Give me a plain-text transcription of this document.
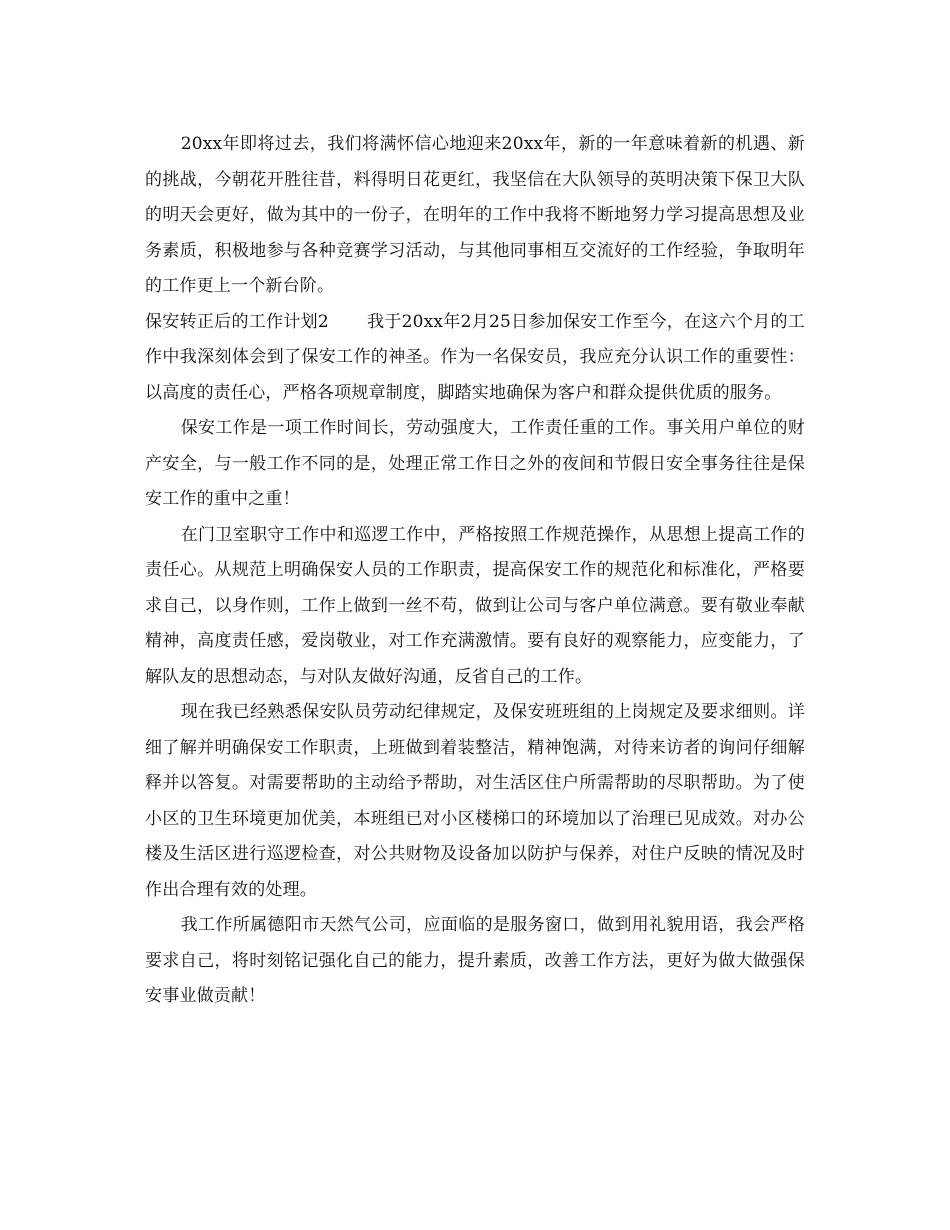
20xx年即将过去，我们将满怀信心地迎来20xx年，新的一年意味着新的机遇、新的挑战，今朝花开胜往昔，料得明日花更红，我坚信在大队领导的英明决策下保卫大队的明天会更好，做为其中的一份子，在明年的工作中我将不断地努力学习提高思想及业务素质，积极地参与各种竞赛学习活动，与其他同事相互交流好的工作经验，争取明年的工作更上一个新台阶。

保安转正后的工作计划2 我于20xx年2月25日参加保安工作至今，在这六个月的工作中我深刻体会到了保安工作的神圣。作为一名保安员，我应充分认识工作的重要性：以高度的责任心，严格各项规章制度，脚踏实地确保为客户和群众提供优质的服务。

保安工作是一项工作时间长，劳动强度大，工作责任重的工作。事关用户单位的财产安全，与一般工作不同的是，处理正常工作日之外的夜间和节假日安全事务往往是保安工作的重中之重！

在门卫室职守工作中和巡逻工作中，严格按照工作规范操作，从思想上提高工作的责任心。从规范上明确保安人员的工作职责，提高保安工作的规范化和标准化，严格要求自己，以身作则，工作上做到一丝不苟，做到让公司与客户单位满意。要有敬业奉献精神，高度责任感，爱岗敬业，对工作充满激情。要有良好的观察能力，应变能力，了解队友的思想动态，与对队友做好沟通，反省自己的工作。

现在我已经熟悉保安队员劳动纪律规定，及保安班班组的上岗规定及要求细则。详细了解并明确保安工作职责，上班做到着装整洁，精神饱满，对待来访者的询问仔细解释并以答复。对需要帮助的主动给予帮助，对生活区住户所需帮助的尽职帮助。为了使小区的卫生环境更加优美，本班组已对小区楼梯口的环境加以了治理已见成效。对办公楼及生活区进行巡逻检查，对公共财物及设备加以防护与保养，对住户反映的情况及时作出合理有效的处理。

我工作所属德阳市天然气公司，应面临的是服务窗口，做到用礼貌用语，我会严格要求自己，将时刻铭记强化自己的能力，提升素质，改善工作方法，更好为做大做强保安事业做贡献！
